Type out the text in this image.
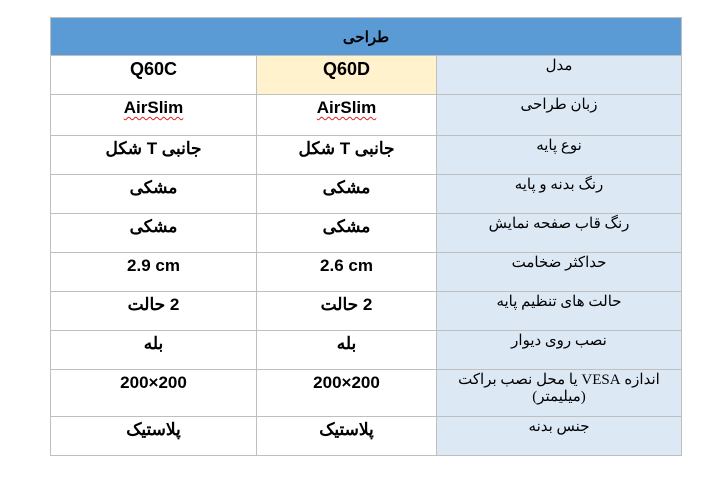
طراحی		
Q60C	Q60D	مدل
AirSlim	AirSlim	زبان طراحی
جانبی T شکل	جانبی T شکل	نوع پایه
مشکی	مشکی	رنگ بدنه و پایه
مشکی	مشکی	رنگ قاب صفحه نمایش
2.9 cm	2.6 cm	حداکثر ضخامت
2 حالت	2 حالت	حالت های تنظیم پایه
بله	بله	نصب روی دیوار
200×200	200×200	اندازه VESA یا محل نصب براکت (میلیمتر)
پلاستیک	پلاستیک	جنس بدنه
